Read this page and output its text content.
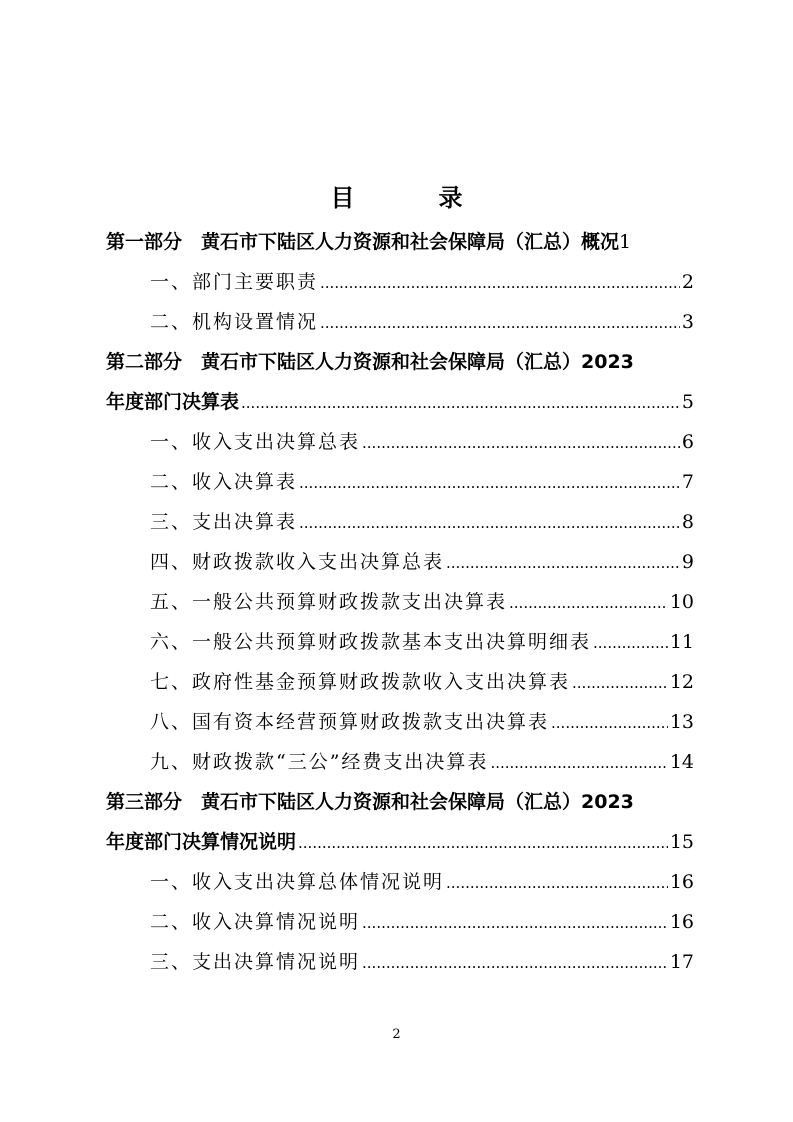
目　录
第一部分　黄石市下陆区人力资源和社会保障局（汇总）概况 1
一、部门主要职责 .....	2
二、机构设置情况 .....	3
第二部分　黄石市下陆区人力资源和社会保障局（汇总）2023
年度部门决算表 .....	5
一、收入支出决算总表 .....	6
二、收入决算表 .....	7
三、支出决算表 .....	8
四、财政拨款收入支出决算总表 .....	9
五、一般公共预算财政拨款支出决算表 .....	10
六、一般公共预算财政拨款基本支出决算明细表 .....	11
七、政府性基金预算财政拨款收入支出决算表 .....	12
八、国有资本经营预算财政拨款支出决算表 .....	13
九、财政拨款“三公”经费支出决算表 .....	14
第三部分　黄石市下陆区人力资源和社会保障局（汇总）2023
年度部门决算情况说明 .....	15
一、收入支出决算总体情况说明 .....	16
二、收入决算情况说明 .....	16
三、支出决算情况说明 .....	17
2
